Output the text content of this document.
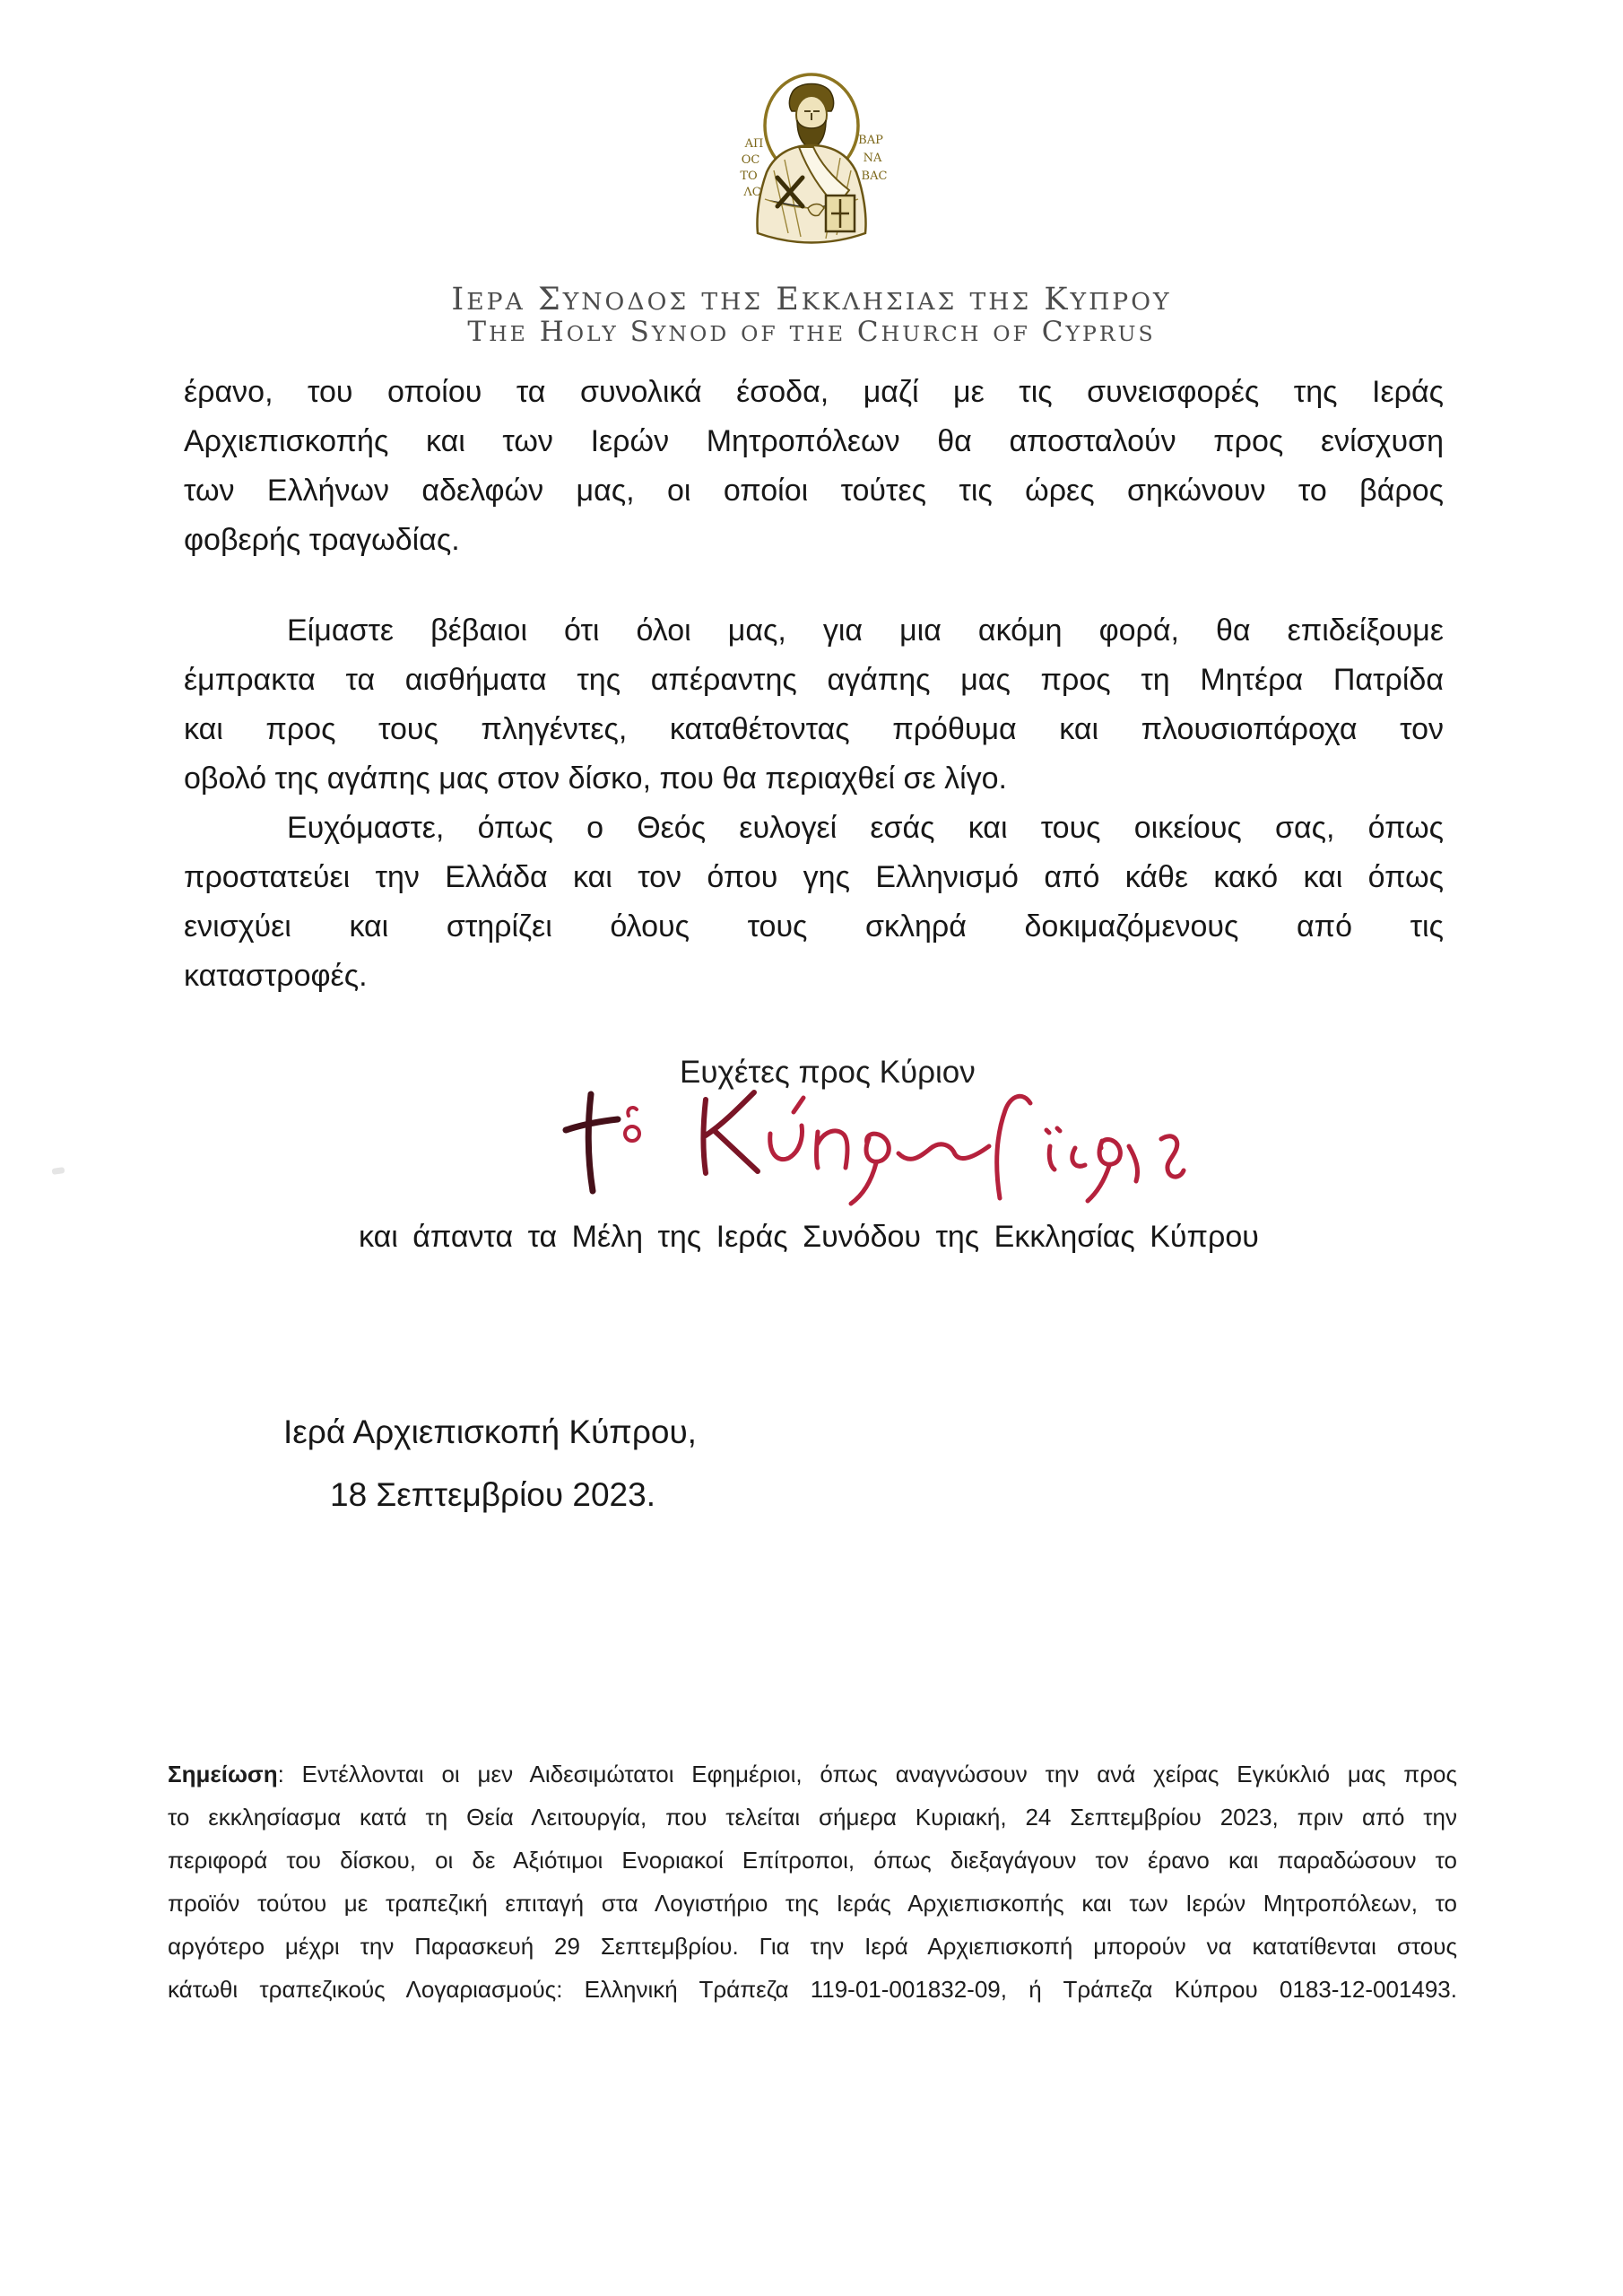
ΑΠ
ΟϹ
ΤΟ
ΛϹ
ΒΑΡ
ΝΑ
ΒΑϹ
ΙΕΡΑ ΣΥΝΟΔΟΣ ΤΗΣ ΕΚΚΛΗΣΙΑΣ ΤΗΣ ΚΥΠΡΟΥ
THE HOLY SYNOD OF THE CHURCH OF CYPRUS
έρανο, του οποίου τα συνολικά έσοδα, μαζί με τις συνεισφορές της Ιεράς
Αρχιεπισκοπής και των Ιερών Μητροπόλεων θα αποσταλούν προς ενίσχυση
των Ελλήνων αδελφών μας, οι οποίοι τούτες τις ώρες σηκώνουν το βάρος
φοβερής τραγωδίας.
Είμαστε βέβαιοι ότι όλοι μας, για μια ακόμη φορά, θα επιδείξουμε
έμπρακτα τα αισθήματα της απέραντης αγάπης μας προς τη Μητέρα Πατρίδα
και προς τους πληγέντες, καταθέτοντας πρόθυμα και πλουσιοπάροχα τον
οβολό της αγάπης μας στον δίσκο, που θα περιαχθεί σε λίγο.
Ευχόμαστε, όπως ο Θεός ευλογεί εσάς και τους οικείους σας, όπως
προστατεύει την Ελλάδα και τον όπου γης Ελληνισμό από κάθε κακό και όπως
ενισχύει και στηρίζει όλους τους σκληρά δοκιμαζόμενους από τις
καταστροφές.
Ευχέτες προς Κύριον
και άπαντα τα Μέλη της Ιεράς Συνόδου της Εκκλησίας Κύπρου
Ιερά Αρχιεπισκοπή Κύπρου,
18 Σεπτεμβρίου 2023.
Σημείωση: Εντέλλονται οι μεν Αιδεσιμώτατοι Εφημέριοι, όπως αναγνώσουν την ανά χείρας Εγκύκλιό μας προς
το εκκλησίασμα κατά τη Θεία Λειτουργία, που τελείται σήμερα Κυριακή, 24 Σεπτεμβρίου 2023, πριν από την
περιφορά του δίσκου, οι δε Αξιότιμοι Ενοριακοί Επίτροποι, όπως διεξαγάγουν τον έρανο και παραδώσουν το
προϊόν τούτου με τραπεζική επιταγή στα Λογιστήριο της Ιεράς Αρχιεπισκοπής και των Ιερών Μητροπόλεων, το
αργότερο μέχρι την Παρασκευή 29 Σεπτεμβρίου. Για την Ιερά Αρχιεπισκοπή μπορούν να κατατίθενται στους
κάτωθι τραπεζικούς Λογαριασμούς: Ελληνική Τράπεζα 119-01-001832-09, ή Τράπεζα Κύπρου 0183-12-001493.
